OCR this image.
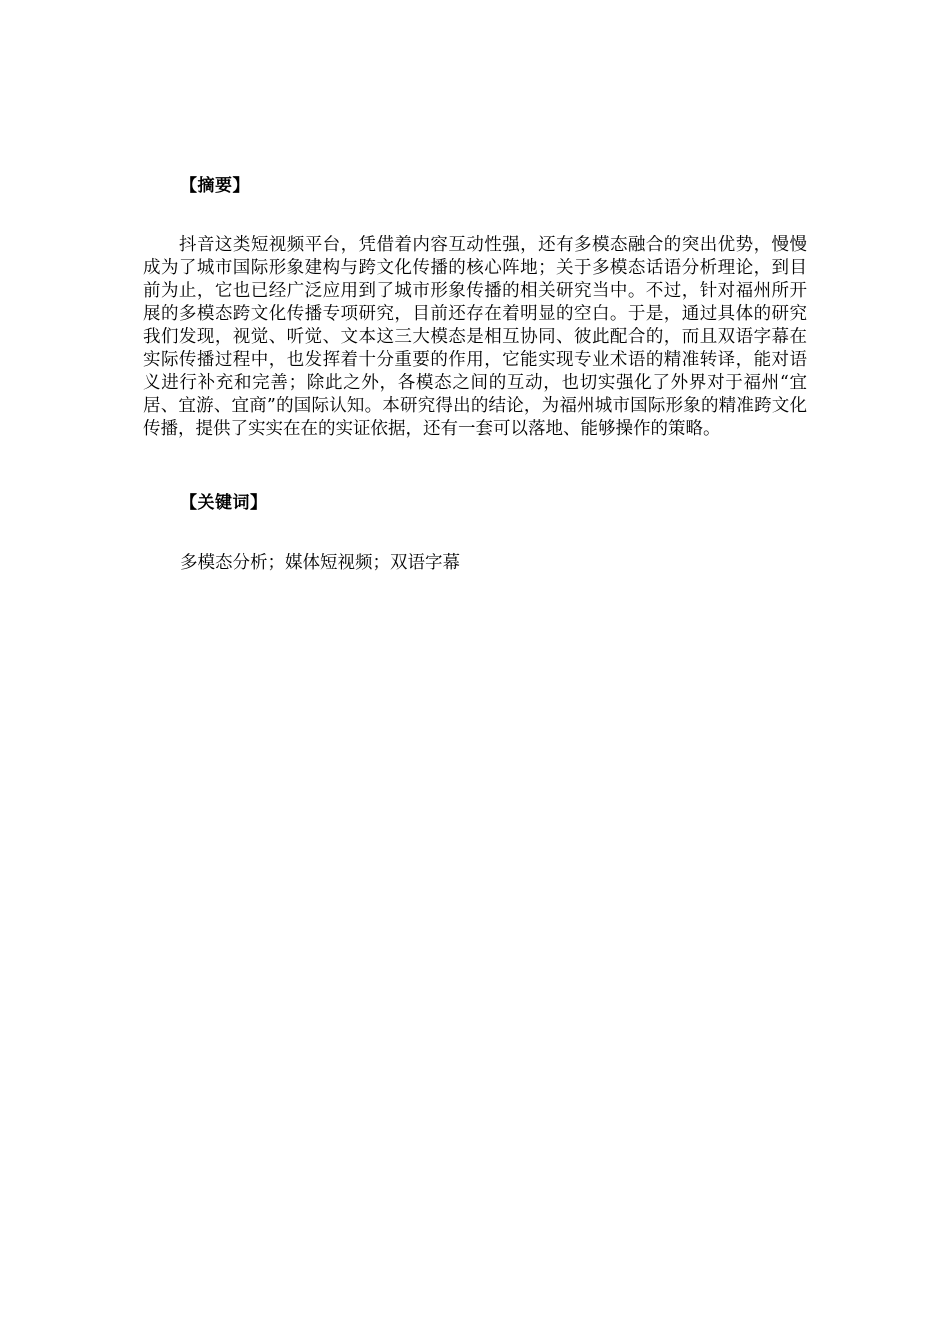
【摘要】

抖音这类短视频平台，凭借着内容互动性强，还有多模态融合的突出优势，慢慢成为了城市国际形象建构与跨文化传播的核心阵地；关于多模态话语分析理论，到目前为止，它也已经广泛应用到了城市形象传播的相关研究当中。不过，针对福州所开展的多模态跨文化传播专项研究，目前还存在着明显的空白。于是，通过具体的研究我们发现，视觉、听觉、文本这三大模态是相互协同、彼此配合的，而且双语字幕在实际传播过程中，也发挥着十分重要的作用，它能实现专业术语的精准转译，能对语义进行补充和完善；除此之外，各模态之间的互动，也切实强化了外界对于福州“宜居、宜游、宜商”的国际认知。本研究得出的结论，为福州城市国际形象的精准跨文化传播，提供了实实在在的实证依据，还有一套可以落地、能够操作的策略。

【关键词】

多模态分析；媒体短视频；双语字幕
